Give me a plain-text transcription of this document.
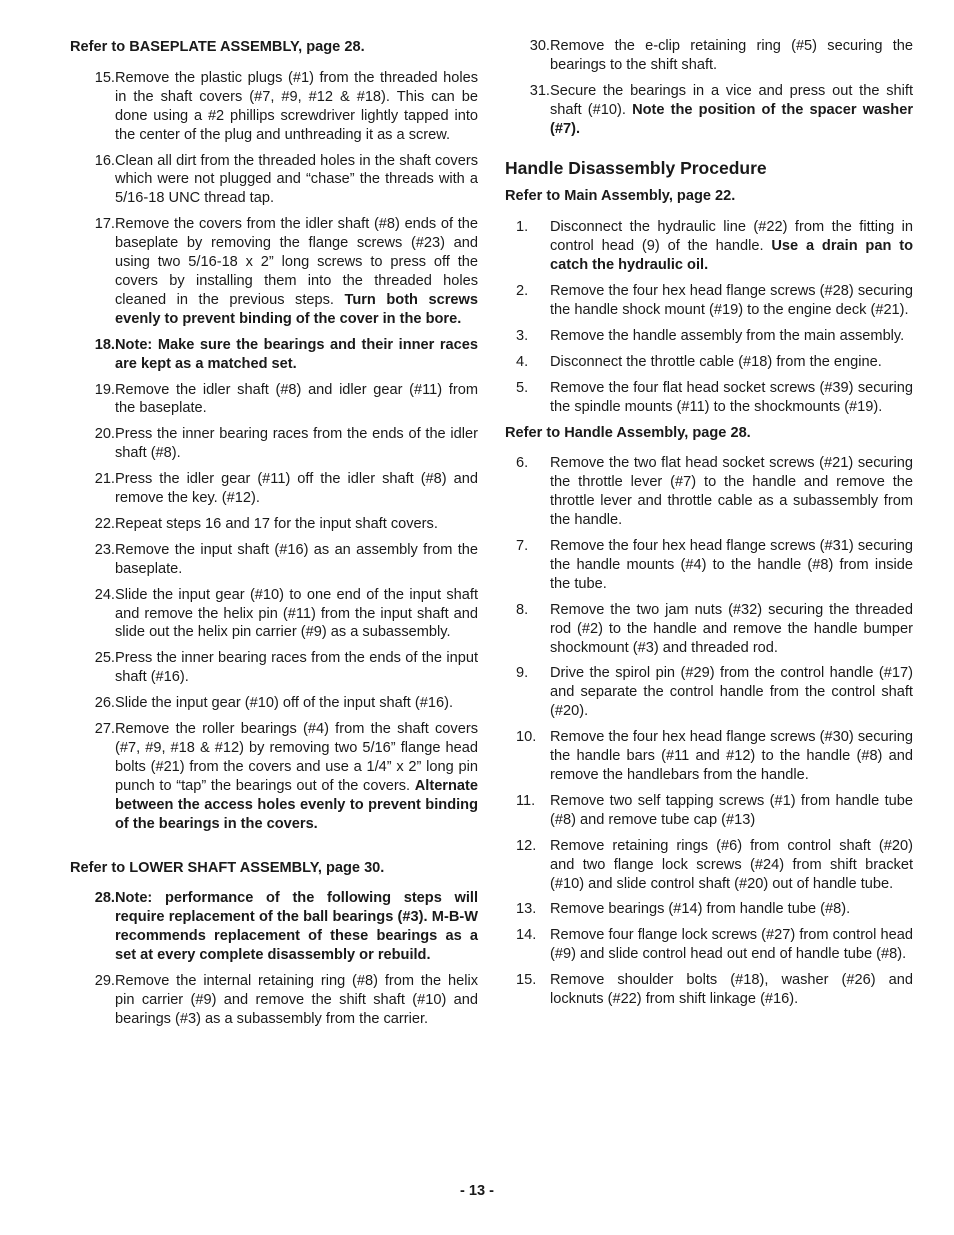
Refer to BASEPLATE ASSEMBLY, page 28.

15. Remove the plastic plugs (#1) from the threaded holes in the shaft covers (#7, #9, #12 & #18). This can be done using a #2 phillips screwdriver lightly tapped into the center of the plug and unthreading it as a screw.
16. Clean all dirt from the threaded holes in the shaft covers which were not plugged and “chase” the threads with a 5/16-18 UNC thread tap.
17. Remove the covers from the idler shaft (#8) ends of the baseplate by removing the flange screws (#23) and using two 5/16-18 x 2” long screws to press off the covers by installing them into the threaded holes cleaned in the previous steps. Turn both screws evenly to prevent binding of the cover in the bore.
18. Note: Make sure the bearings and their inner races are kept as a matched set.
19. Remove the idler shaft (#8) and idler gear (#11) from the baseplate.
20. Press the inner bearing races from the ends of the idler shaft (#8).
21. Press the idler gear (#11) off the idler shaft (#8) and remove the key. (#12).
22. Repeat steps 16 and 17 for the input shaft covers.
23. Remove the input shaft (#16) as an assembly from the baseplate.
24. Slide the input gear (#10) to one end of the input shaft and remove the helix pin (#11) from the input shaft and slide out the helix pin carrier (#9) as a subassembly.
25. Press the inner bearing races from the ends of the input shaft (#16).
26. Slide the input gear (#10) off of the input shaft (#16).
27. Remove the roller bearings (#4) from the shaft covers (#7, #9, #18 & #12) by removing two 5/16” flange head bolts (#21) from the covers and use a 1/4” x 2” long pin punch to “tap” the bearings out of the covers. Alternate between the access holes evenly to prevent binding of the bearings in the covers.

Refer to LOWER SHAFT ASSEMBLY, page 30.

28. Note: performance of the following steps will require replacement of the ball bearings (#3). M-B-W recommends replacement of these bearings as a set at every complete disassembly or rebuild.
29. Remove the internal retaining ring (#8) from the helix pin carrier (#9) and remove the shift shaft (#10) and bearings (#3) as a subassembly from the carrier.
30. Remove the e-clip retaining ring (#5) securing the bearings to the shift shaft.
31. Secure the bearings in a vice and press out the shift shaft (#10). Note the position of the spacer washer (#7).
Handle Disassembly Procedure

Refer to Main Assembly, page 22.

1.	Disconnect the hydraulic line (#22) from the fitting in control head (9) of the handle. Use a drain pan to catch the hydraulic oil.
2.	Remove the four hex head flange screws (#28) securing the handle shock mount (#19) to the engine deck (#21).
3.	Remove the handle assembly from the main assembly.
4.	Disconnect the throttle cable (#18) from the engine.
5.	Remove the four flat head socket screws (#39) securing the spindle mounts (#11) to the shockmounts (#19).

Refer to Handle Assembly, page 28.

6.	Remove the two flat head socket screws (#21) securing the throttle lever (#7) to the handle and remove the throttle lever and throttle cable as a subassembly from the handle.
7.	Remove the four hex head flange screws (#31) securing the handle mounts (#4) to the handle (#8) from inside the tube.
8.	Remove the two jam nuts (#32) securing the threaded rod (#2) to the handle and remove the handle bumper shockmount (#3) and threaded rod.
9.	Drive the spirol pin (#29) from the control handle (#17) and separate the control handle from the control shaft (#20).
10. Remove the four hex head flange screws (#30) securing the handle bars (#11 and #12) to the handle (#8) and remove the handlebars from the handle.
11.	Remove two self tapping screws (#1) from handle tube (#8) and remove tube cap (#13)
12. Remove retaining rings (#6) from control shaft (#20) and two flange lock screws (#24) from shift bracket (#10) and slide control shaft (#20) out of handle tube.
13. Remove bearings (#14) from handle tube (#8).
14. Remove four flange lock screws (#27) from control head (#9) and slide control head out end of handle tube (#8).
15. Remove shoulder bolts (#18), washer (#26) and locknuts (#22) from shift linkage (#16).
- 13 -
